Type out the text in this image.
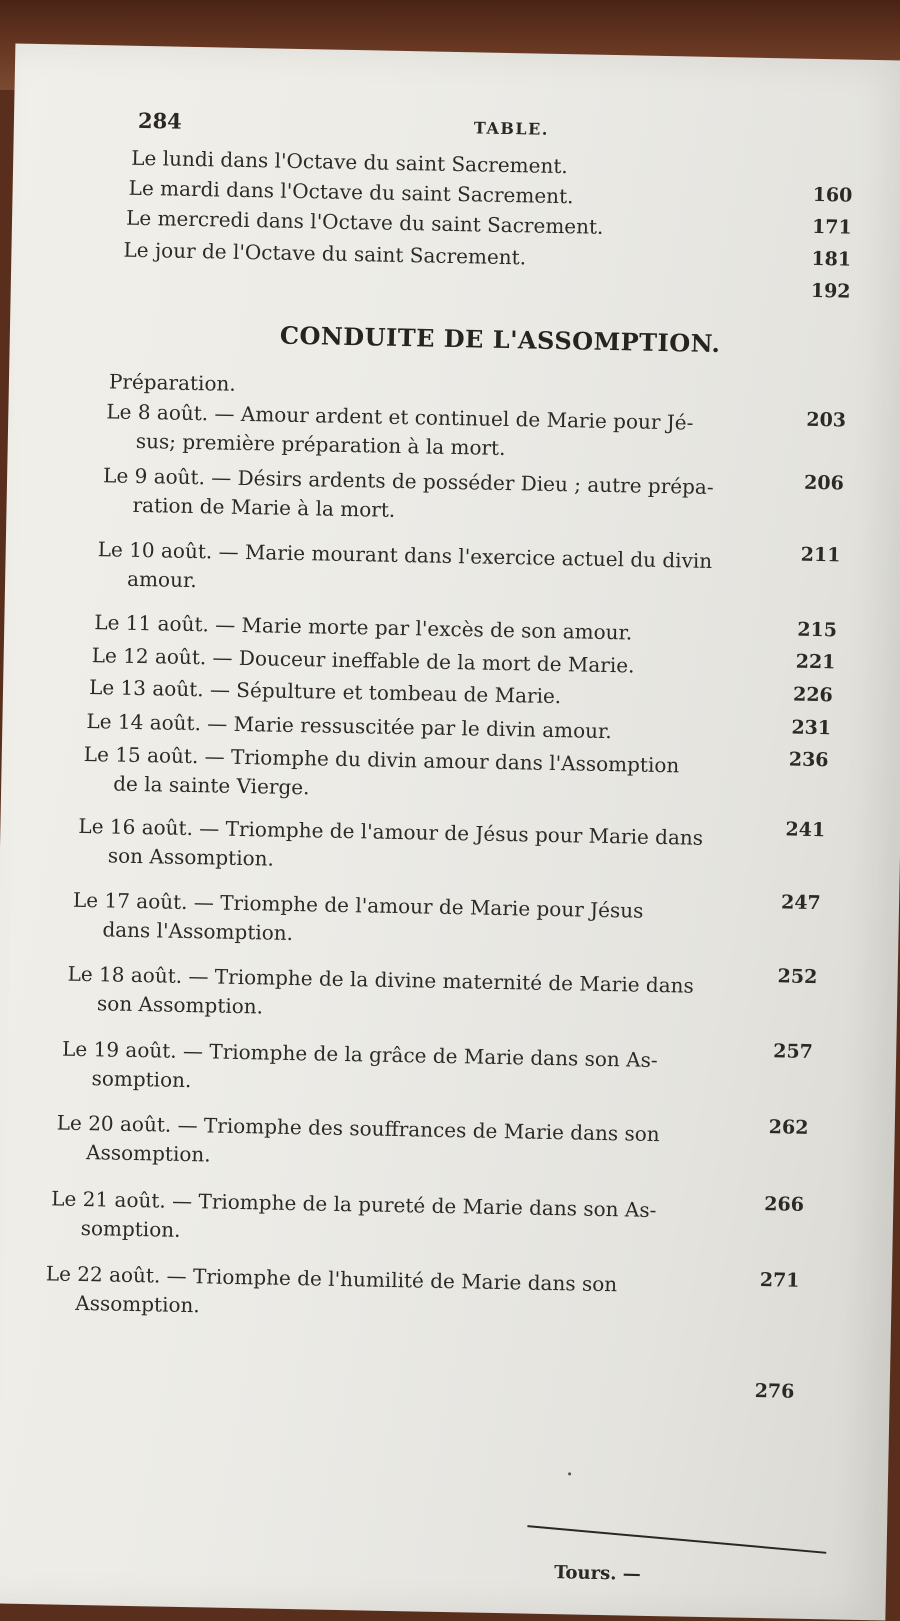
284	TABLE.
Le lundi dans l'Octave du saint Sacrement.
Le mardi dans l'Octave du saint Sacrement.
Le mercredi dans l'Octave du saint Sacrement.
Le jour de l'Octave du saint Sacrement.
160
171
181
192
CONDUITE DE L'ASSOMPTION.
Préparation.
203
Le 8 août. — Amour ardent et continuel de Marie pour Jé-
sus; première préparation à la mort.
206
Le 9 août. — Désirs ardents de posséder Dieu ; autre prépa-
ration de Marie à la mort.
211
Le 10 août. — Marie mourant dans l'exercice actuel du divin
amour.
215
Le 11 août. — Marie morte par l'excès de son amour.
221
Le 12 août. — Douceur ineffable de la mort de Marie.
226
Le 13 août. — Sépulture et tombeau de Marie.
231
Le 14 août. — Marie ressuscitée par le divin amour.
236
Le 15 août. — Triomphe du divin amour dans l'Assomption
de la sainte Vierge.
241
Le 16 août. — Triomphe de l'amour de Jésus pour Marie dans
son Assomption.
247
Le 17 août. — Triomphe de l'amour de Marie pour Jésus
dans l'Assomption.
252
Le 18 août. — Triomphe de la divine maternité de Marie dans
son Assomption.
257
Le 19 août. — Triomphe de la grâce de Marie dans son As-
somption.
262
Le 20 août. — Triomphe des souffrances de Marie dans son
Assomption.
266
Le 21 août. — Triomphe de la pureté de Marie dans son As-
somption.
271
Le 22 août. — Triomphe de l'humilité de Marie dans son
Assomption.
276
Tours. —
